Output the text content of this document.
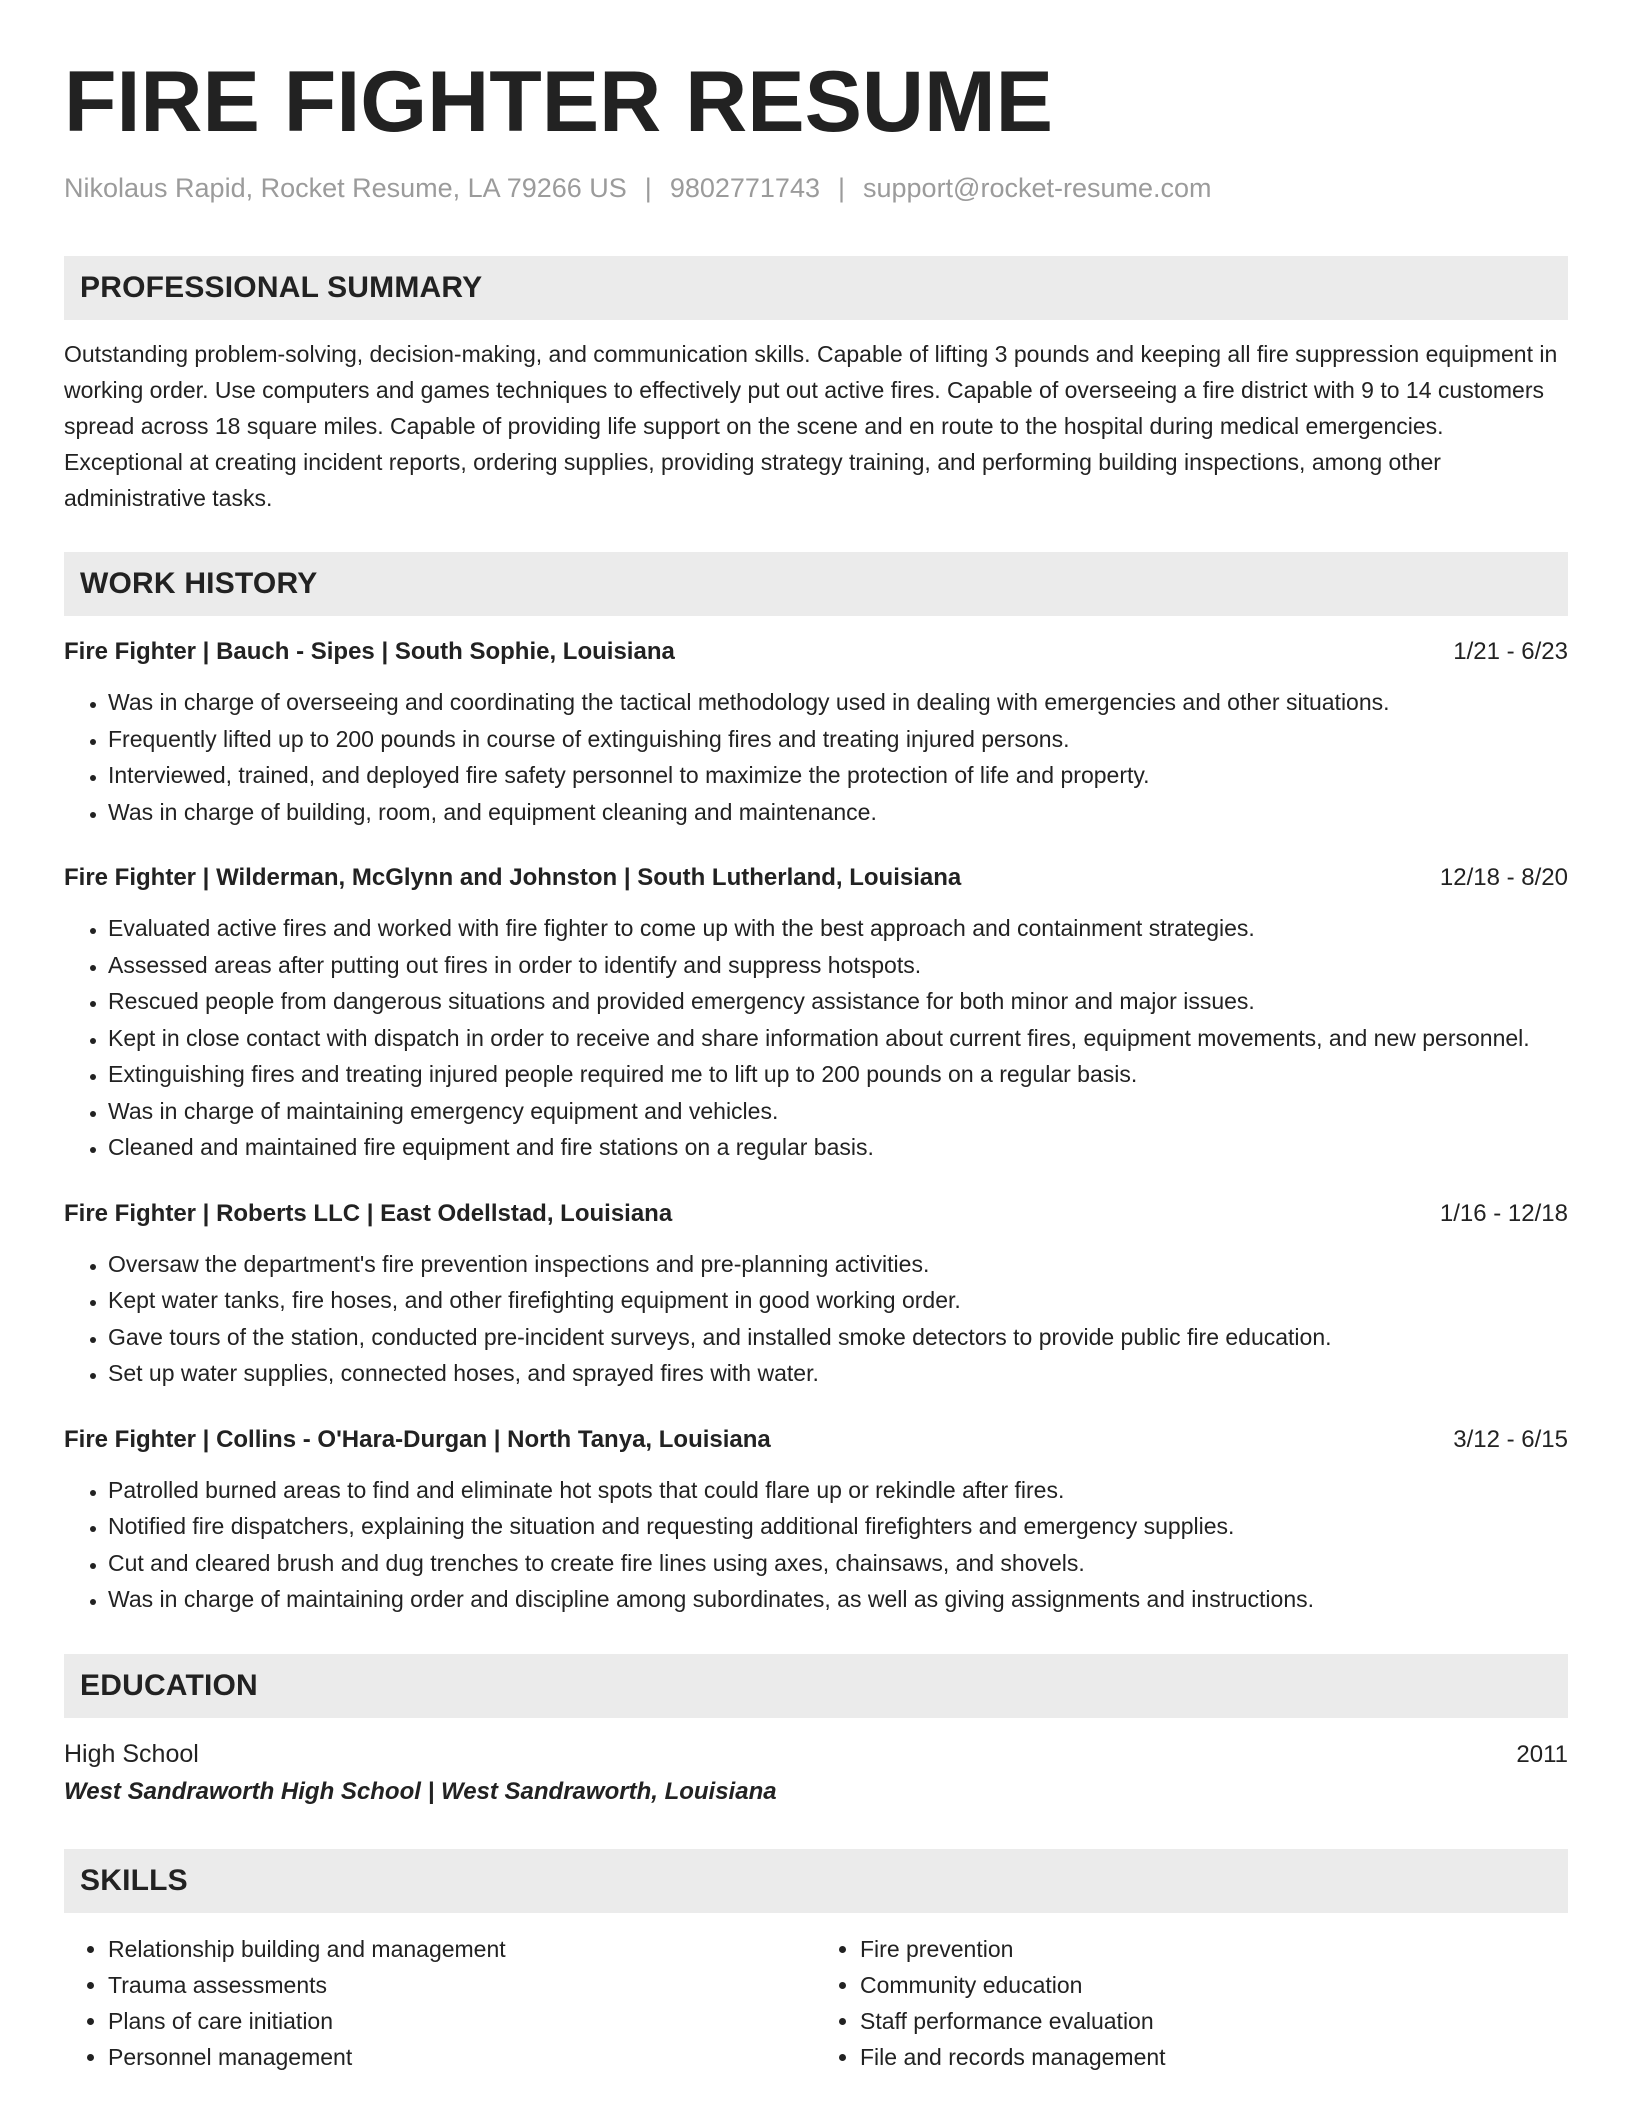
FIRE FIGHTER RESUME
Nikolaus Rapid, Rocket Resume, LA 79266 US | 9802771743 | support@rocket-resume.com
PROFESSIONAL SUMMARY

Outstanding problem-solving, decision-making, and communication skills. Capable of lifting 3 pounds and keeping all fire suppression equipment in working order. Use computers and games techniques to effectively put out active fires. Capable of overseeing a fire district with 9 to 14 customers spread across 18 square miles. Capable of providing life support on the scene and en route to the hospital during medical emergencies. Exceptional at creating incident reports, ordering supplies, providing strategy training, and performing building inspections, among other administrative tasks.

WORK HISTORY
Fire Fighter | Bauch - Sipes | South Sophie, Louisiana	1/21 - 6/23
• Was in charge of overseeing and coordinating the tactical methodology used in dealing with emergencies and other situations.
• Frequently lifted up to 200 pounds in course of extinguishing fires and treating injured persons.
• Interviewed, trained, and deployed fire safety personnel to maximize the protection of life and property.
• Was in charge of building, room, and equipment cleaning and maintenance.
Fire Fighter | Wilderman, McGlynn and Johnston | South Lutherland, Louisiana	12/18 - 8/20
• Evaluated active fires and worked with fire fighter to come up with the best approach and containment strategies.
• Assessed areas after putting out fires in order to identify and suppress hotspots.
• Rescued people from dangerous situations and provided emergency assistance for both minor and major issues.
• Kept in close contact with dispatch in order to receive and share information about current fires, equipment movements, and new personnel.
• Extinguishing fires and treating injured people required me to lift up to 200 pounds on a regular basis.
• Was in charge of maintaining emergency equipment and vehicles.
• Cleaned and maintained fire equipment and fire stations on a regular basis.
Fire Fighter | Roberts LLC | East Odellstad, Louisiana	1/16 - 12/18
• Oversaw the department's fire prevention inspections and pre-planning activities.
• Kept water tanks, fire hoses, and other firefighting equipment in good working order.
• Gave tours of the station, conducted pre-incident surveys, and installed smoke detectors to provide public fire education.
• Set up water supplies, connected hoses, and sprayed fires with water.
Fire Fighter | Collins - O'Hara-Durgan | North Tanya, Louisiana	3/12 - 6/15
• Patrolled burned areas to find and eliminate hot spots that could flare up or rekindle after fires.
• Notified fire dispatchers, explaining the situation and requesting additional firefighters and emergency supplies.
• Cut and cleared brush and dug trenches to create fire lines using axes, chainsaws, and shovels.
• Was in charge of maintaining order and discipline among subordinates, as well as giving assignments and instructions.
EDUCATION
High School	2011
West Sandraworth High School | West Sandraworth, Louisiana
SKILLS
• Relationship building and management
• Trauma assessments
• Plans of care initiation
• Personnel management
• Fire prevention
• Community education
• Staff performance evaluation
• File and records management
